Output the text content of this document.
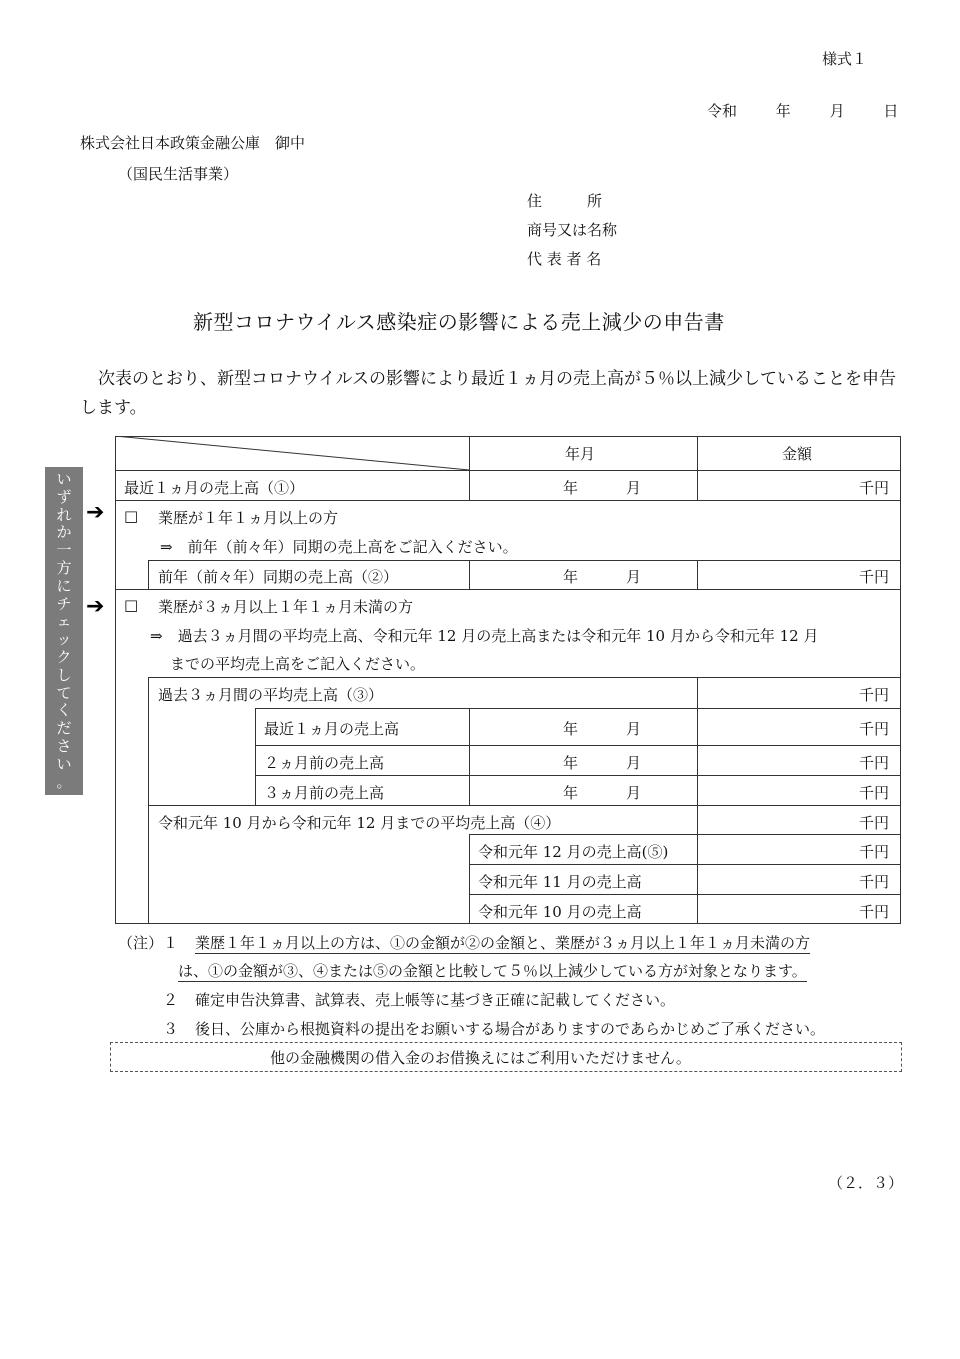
様式１
令和	年	月	日
株式会社日本政策金融公庫　御中
（国民生活事業）
住　　　所
商号又は名称
代 表 者 名
新型コロナウイルス感染症の影響による売上減少の申告書
次表のとおり、新型コロナウイルスの影響により最近１ヵ月の売上高が５％以上減少していることを申告します。
い
ず
れ
か
一
方
に
チ
ェ
ッ
ク
し
て
く
だ
さ
い
。
➔
➔
年月	金額
最近１ヵ月の売上高（①）	年	月	千円
□ 業歴が１年１ヵ月以上の方
⇒　前年（前々年）同期の売上高をご記入ください。
前年（前々年）同期の売上高（②）	年	月	千円
□ 業歴が３ヵ月以上１年１ヵ月未満の方
⇒　過去３ヵ月間の平均売上高、令和元年 12 月の売上高または令和元年 10 月から令和元年 12 月
までの平均売上高をご記入ください。
過去３ヵ月間の平均売上高（③）	千円
最近１ヵ月の売上高	年	月	千円
２ヵ月前の売上高	年	月	千円
３ヵ月前の売上高	年	月	千円
令和元年 10 月から令和元年 12 月までの平均売上高（④）	千円
令和元年 12 月の売上高(⑤)	千円
令和元年 11 月の売上高	千円
令和元年 10 月の売上高	千円
（注） １ 業歴１年１ヵ月以上の方は、①の金額が②の金額と、業歴が３ヵ月以上１年１ヵ月未満の方
は、①の金額が③、④または⑤の金額と比較して５％以上減少している方が対象となります。
２ 確定申告決算書、試算表、売上帳等に基づき正確に記載してください。
３ 後日、公庫から根拠資料の提出をお願いする場合がありますのであらかじめご了承ください。
他の金融機関の借入金のお借換えにはご利用いただけません。
（２．３）
